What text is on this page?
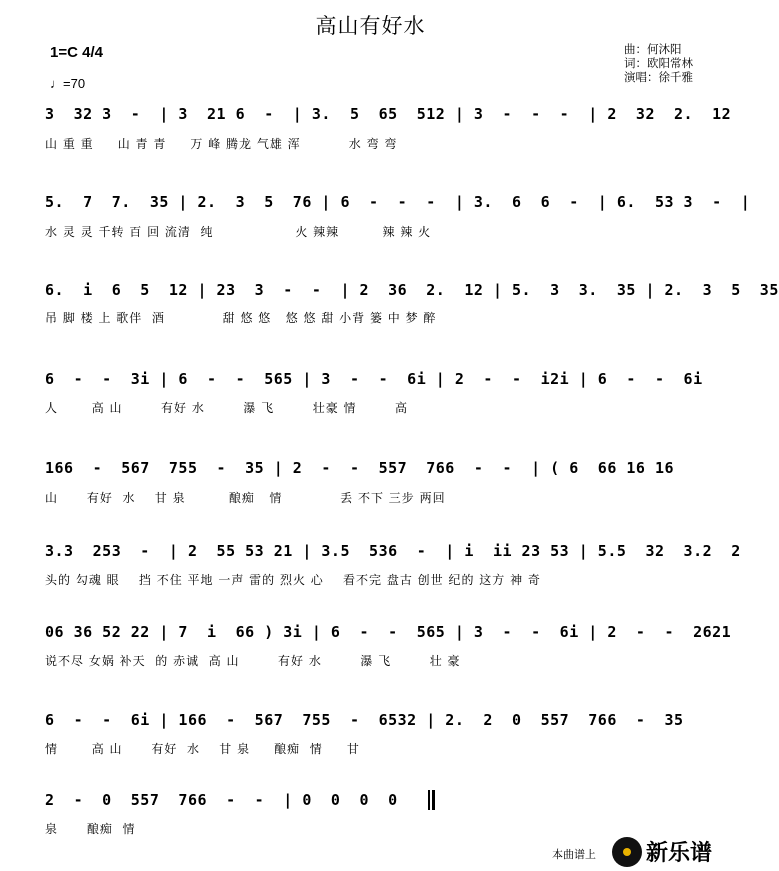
高山有好水
1=C 4/4
♩=70
曲：何沐阳
词：欧阳常林
演唱：徐千雅
3  32 3  -  | 3  21 6  -  | 3.  5  65  512 | 3  -  -  -  | 2  32  2.  12
山 重 重     山 青 青     万 峰 腾龙 气雄 浑          水 弯 弯
5.  7  7.  35 | 2.  3  5  76 | 6  -  -  -  | 3.  6  6  -  | 6.  53 3  -  |
水 灵 灵 千转 百 回 流清  纯                 火 辣辣         辣 辣 火
6.  i  6  5  12 | 23  3  -  -  | 2  36  2.  12 | 5.  3  3.  35 | 2.  3  5  35
吊 脚 楼 上 歌伴  酒            甜 悠 悠   悠 悠 甜 小背 篓 中 梦 醉
6  -  -  3i | 6  -  -  565 | 3  -  -  6i | 2  -  -  i2i | 6  -  -  6i
人       高 山        有好 水        瀑 飞        壮豪 情        高
166  -  567  755  -  35 | 2  -  -  557  766  -  -  | ( 6  66 16 16
山      有好  水    甘 泉         酿痴   情            丢 不下 三步 两回
3.3  253  -  | 2  55 53 21 | 3.5  536  -  | i  ii 23 53 | 5.5  32  3.2  2
头的 勾魂 眼    挡 不住 平地 一声 雷的 烈火 心    看不完 盘古 创世 纪的 这方 神 奇
06 36 52 22 | 7  i  66 ) 3i | 6  -  -  565 | 3  -  -  6i | 2  -  -  2621
说不尽 女娲 补天  的 赤诚  高 山        有好 水        瀑 飞        壮 豪
6  -  -  6i | 166  -  567  755  -  6532 | 2.  2  0  557  766  -  35
情       高 山      有好  水    甘 泉     酿痴  情     甘
2  -  0  557  766  -  -  | 0  0  0  0
泉      酿痴  情
本曲谱上 新乐谱
